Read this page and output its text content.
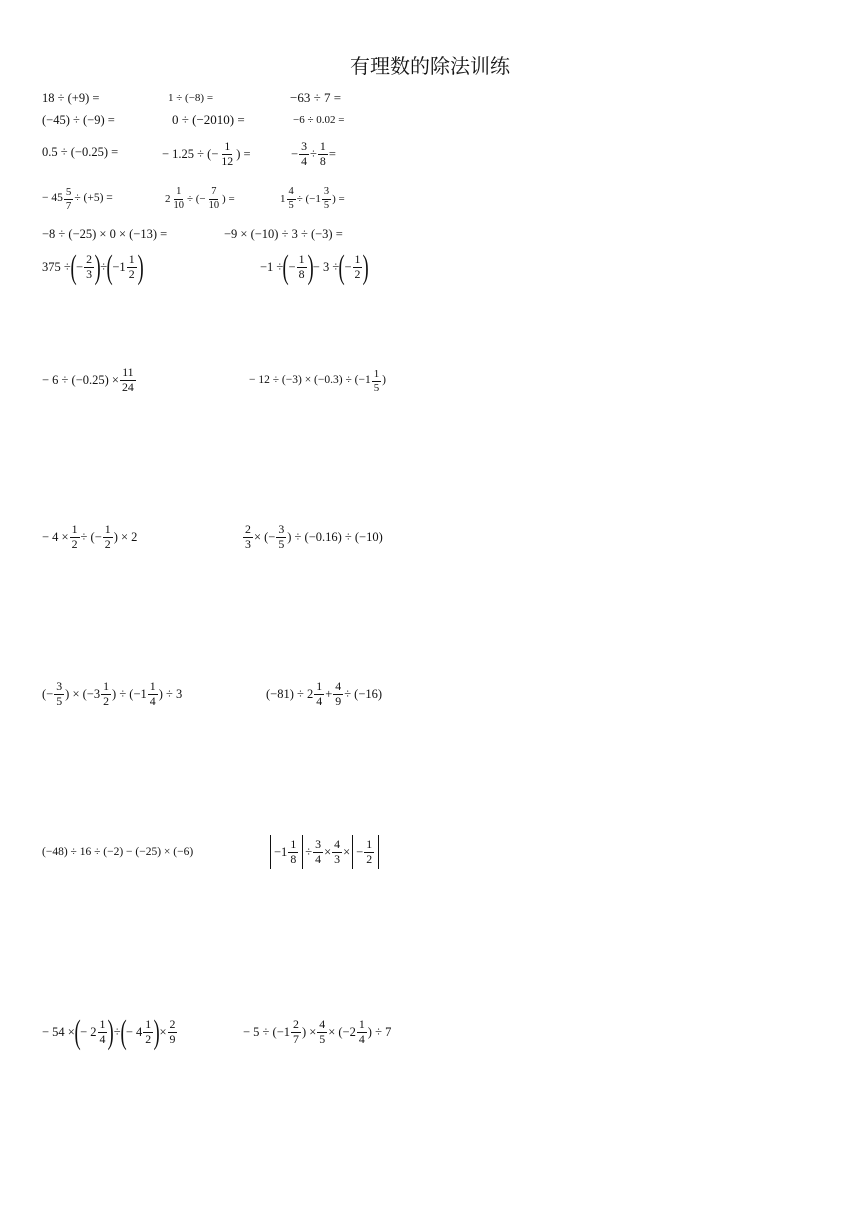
有理数的除法训练
18 ÷ (+9) =	1 ÷ (−8) =	−63 ÷ 7 =
(−45) ÷ (−9) =	0 ÷ (−2010) =	−6 ÷ 0.02 =
0.5 ÷ (−0.25) =	− 1.25 ÷ (− $\frac{1}{12}$ ) =	− $\frac{3}{4} \div \frac{1}{8}$ =
− $45 \frac{5}{7} \div (+5)$ =	$2 \frac{1}{10}$ ÷ (− $\frac{7}{10}$ ) =	$1 \frac{4}{5} \div (-1 \frac{3}{5}$ ) =
−8 ÷ (−25) × 0 × (−13) =	−9 × (−10) ÷ 3 ÷ (−3) =
375 ÷ ( − $\frac{2}{3}$ ) ÷ ( $-1 \frac{1}{2}$ )	−1 ÷ ( − $\frac{1}{8}$ ) − 3 ÷ ( − $\frac{1}{2}$ )
− $6 \div (-0.25) \times \frac{11}{24}$	− $12 \div (-3) \times (-0.3) \div (-1 \frac{1}{5}$ )
− $4 \times \frac{1}{2}$ ÷ (− $\frac{1}{2}$ ) × 2	$\frac{2}{3}$ × (− $\frac{3}{5}$ ) ÷ (−0.16) ÷ (−10)
(− $\frac{3}{5}$ ) × ($-3 \frac{1}{2}$ ) ÷ ($-1 \frac{1}{4}$ ) ÷ 3	$(-81) \div 2 \frac{1}{4} + \frac{4}{9} \div (-16)$
(−48) ÷ 16 ÷ (−2) − (−25) × (−6)	$-1 \frac{1}{8} \div \frac{3}{4} \times \frac{4}{3}$ × − $\frac{1}{2}$
− 54 × ( − $2 \frac{1}{4}$ ) ÷ ( − $4 \frac{1}{2}$ ) × $\frac{2}{9}$	− $5 \div (-1 \frac{2}{7}$ ) × $\frac{4}{5} \times (-2 \frac{1}{4}$ ) ÷ 7
